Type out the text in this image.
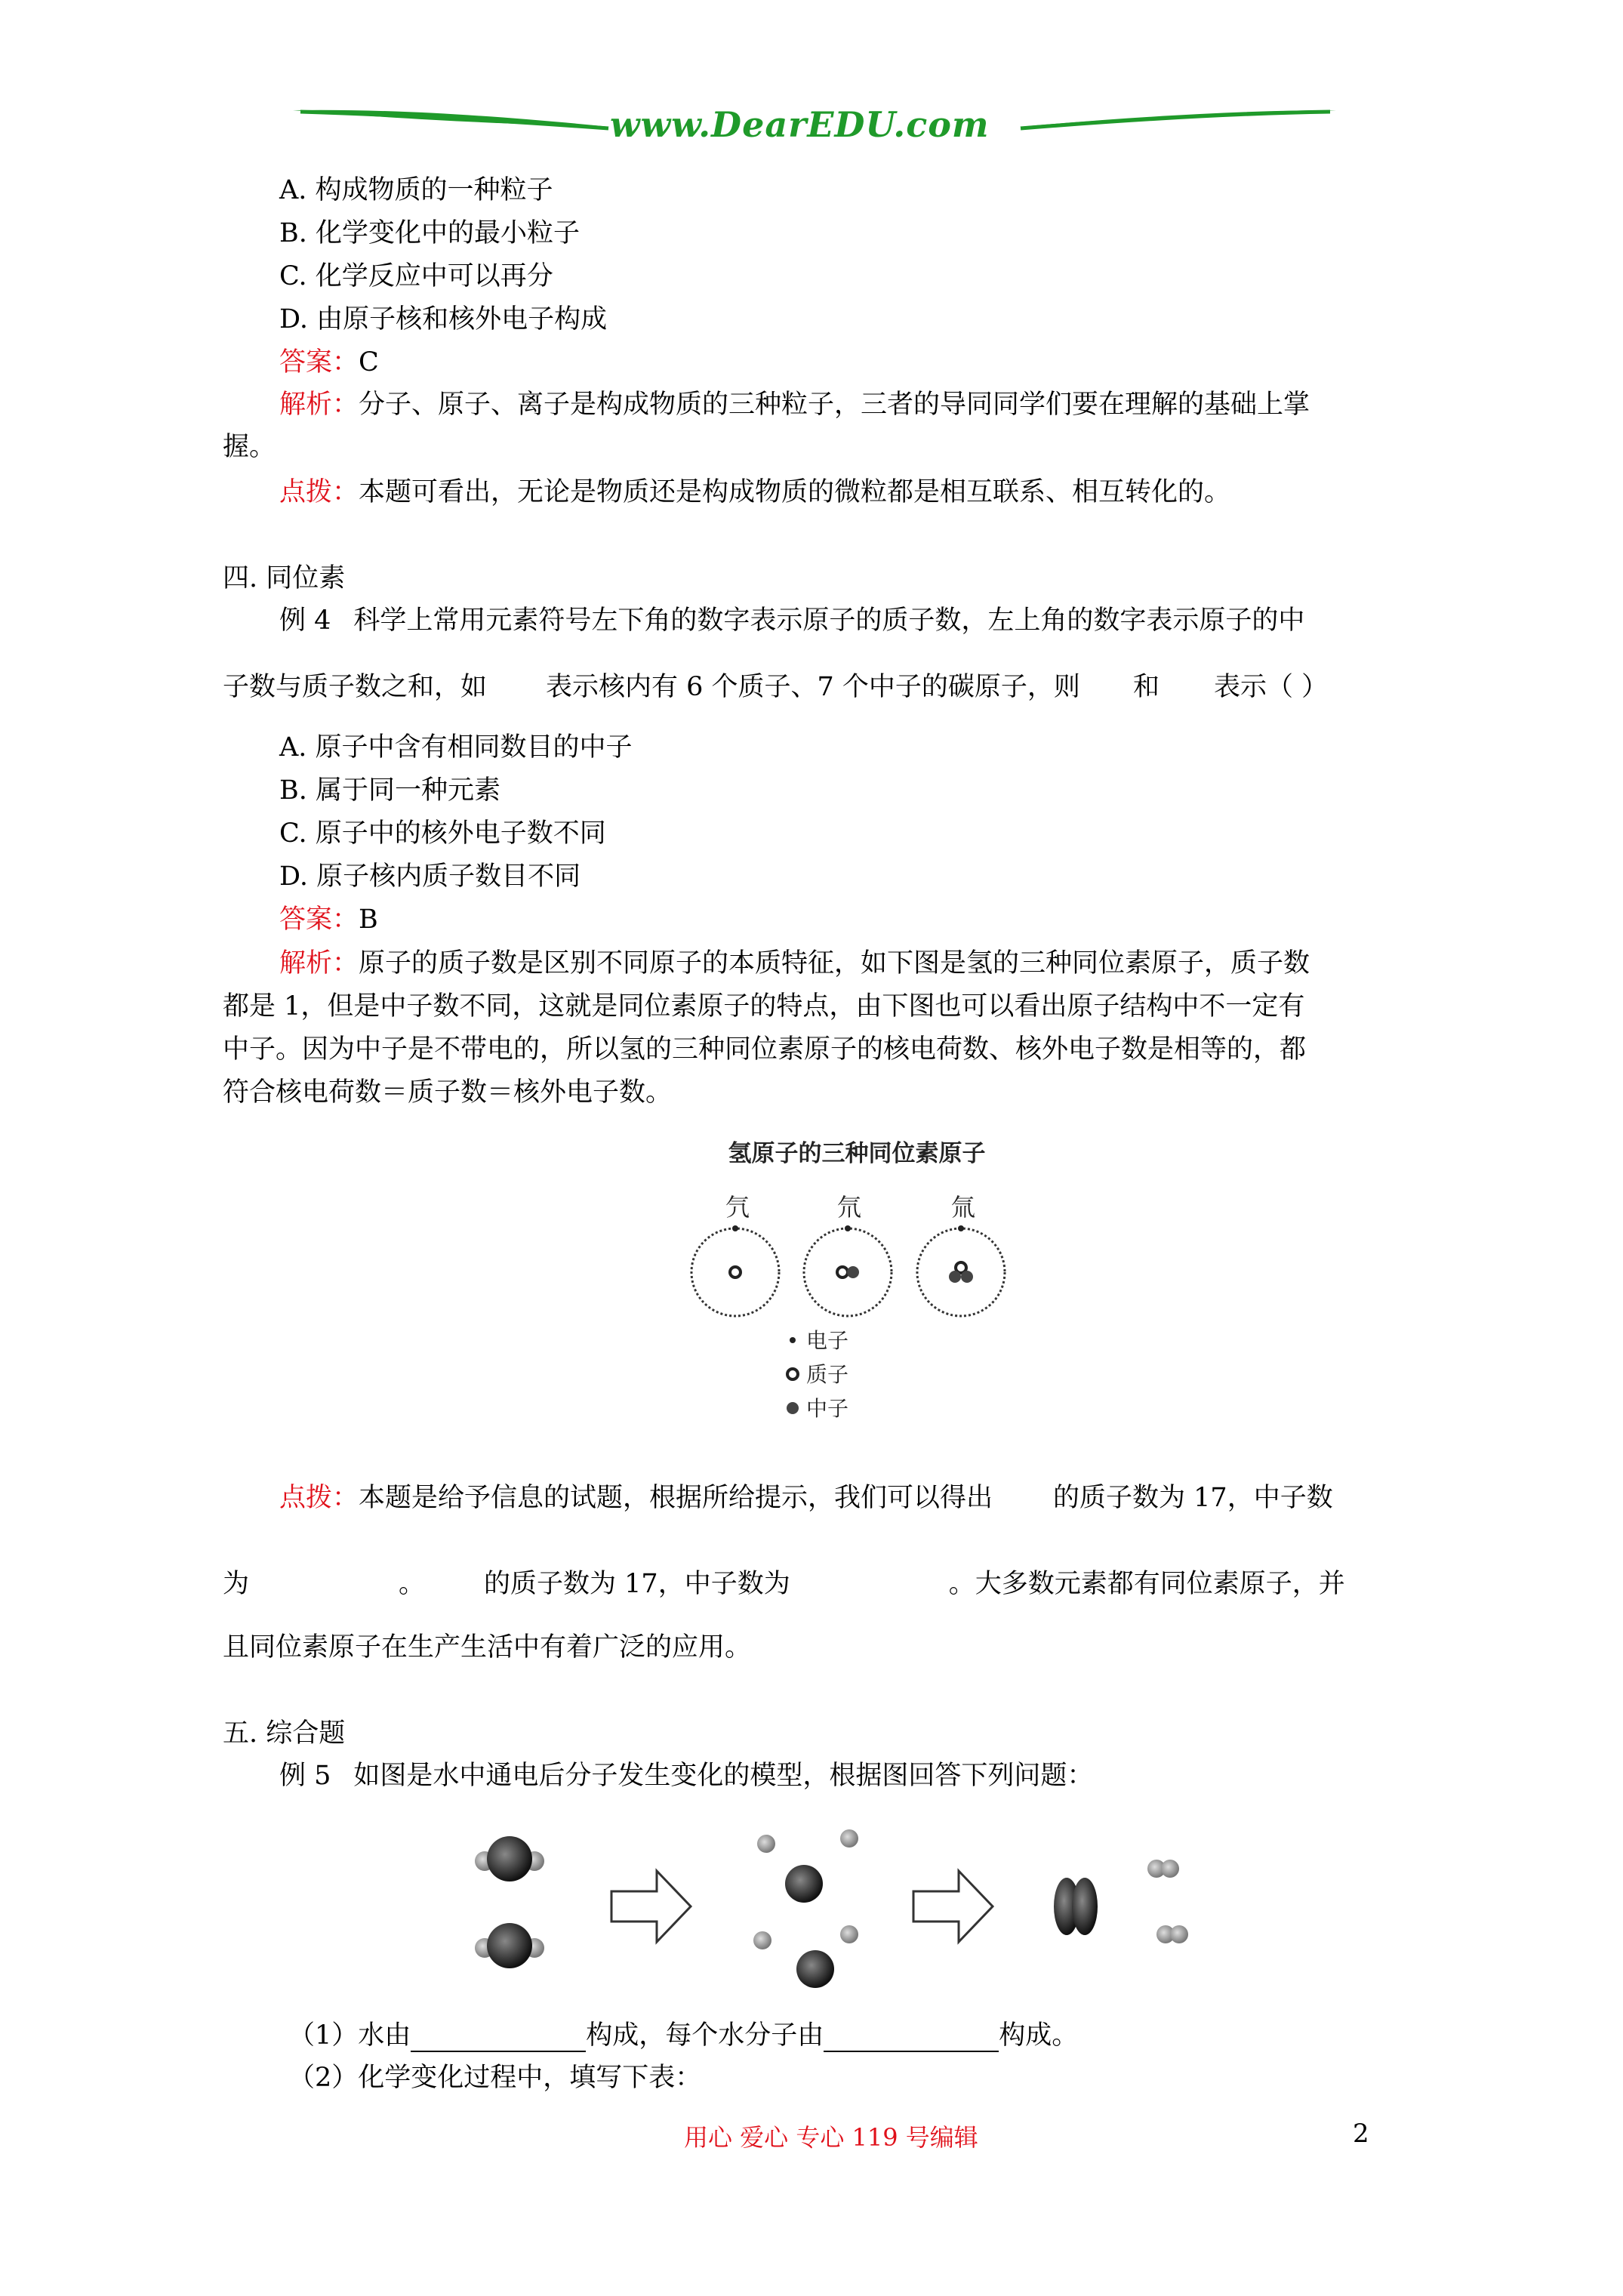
www.DearEDU.com
A. 构成物质的一种粒子
B. 化学变化中的最小粒子
C. 化学反应中可以再分
D. 由原子核和核外电子构成
答案：C
解析：分子、原子、离子是构成物质的三种粒子，三者的导同同学们要在理解的基础上掌
握。
点拨：本题可看出，无论是物质还是构成物质的微粒都是相互联系、相互转化的。
四. 同位素
例 4 科学上常用元素符号左下角的数字表示原子的质子数，左上角的数字表示原子的中
子数与质子数之和，如 表示核内有 6 个质子、7 个中子的碳原子，则 和 表示（ ）
A. 原子中含有相同数目的中子
B. 属于同一种元素
C. 原子中的核外电子数不同
D. 原子核内质子数目不同
答案：B
解析：原子的质子数是区别不同原子的本质特征，如下图是氢的三种同位素原子，质子数
都是 1，但是中子数不同，这就是同位素原子的特点，由下图也可以看出原子结构中不一定有
中子。因为中子是不带电的，所以氢的三种同位素原子的核电荷数、核外电子数是相等的，都
符合核电荷数＝质子数＝核外电子数。
氢原子的三种同位素原子
氕	氘	氚
电子
质子
中子
点拨：本题是给予信息的试题，根据所给提示，我们可以得出 的质子数为 17，中子数
为	。 的质子数为 17，中子数为	。大多数元素都有同位素原子，并
且同位素原子在生产生活中有着广泛的应用。
五. 综合题
例 5 如图是水中通电后分子发生变化的模型，根据图回答下列问题：
（1）水由	构成，每个水分子由	构成。
（2）化学变化过程中，填写下表：
用心 爱心 专心 119 号编辑	2
